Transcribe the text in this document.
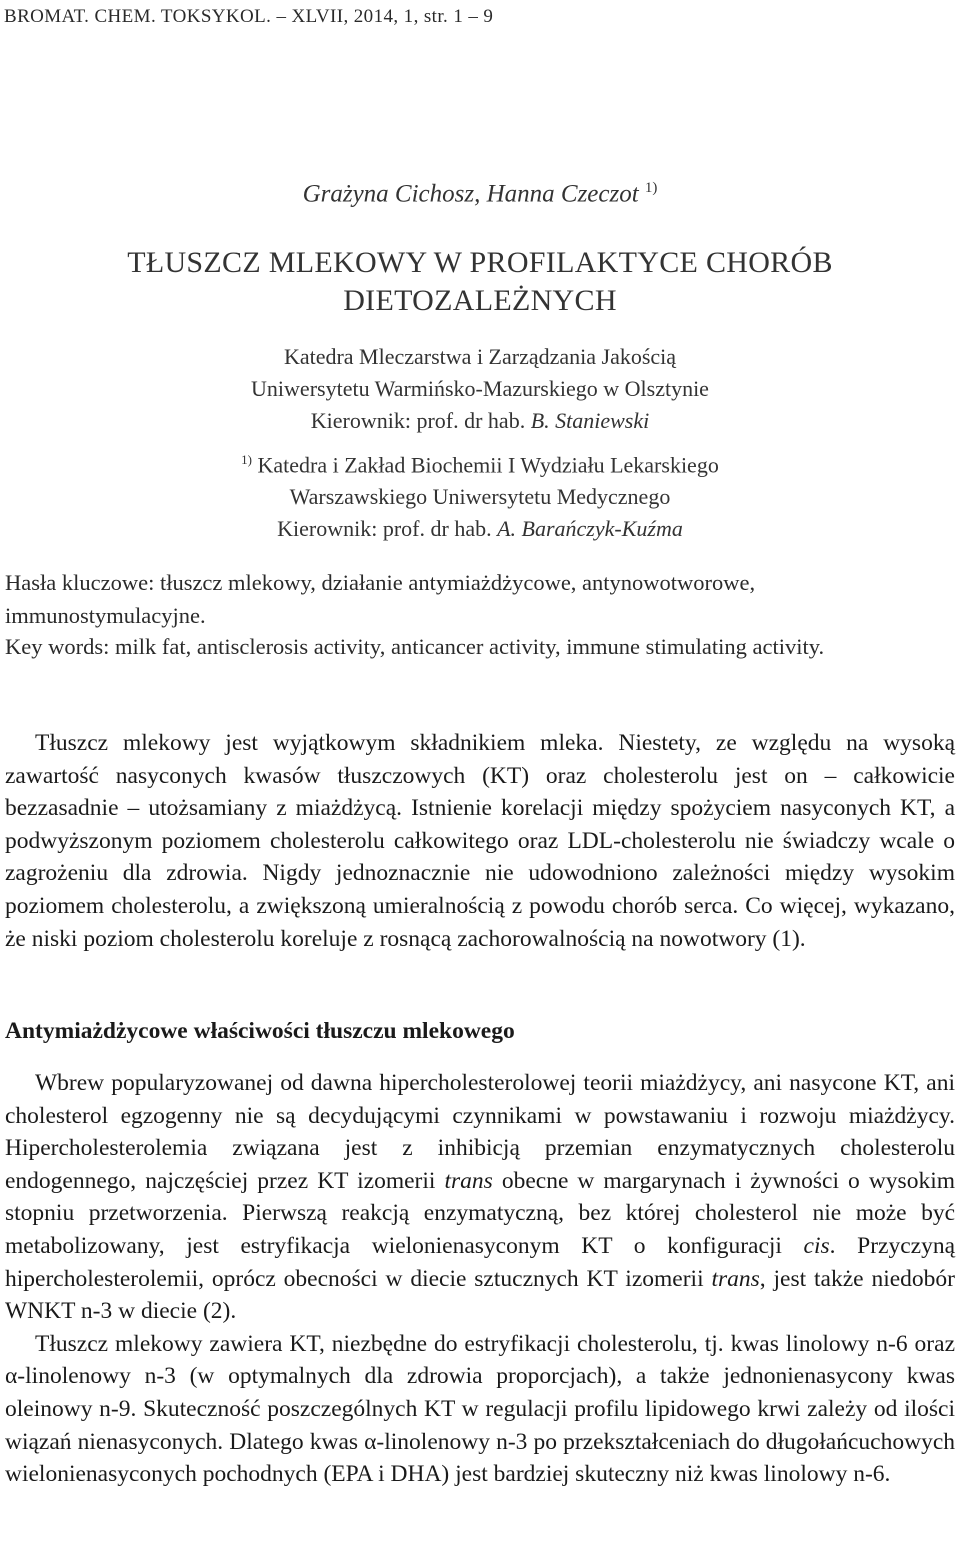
BROMAT. CHEM. TOKSYKOL. – XLVII, 2014, 1, str. 1 – 9
Grażyna Cichosz, Hanna Czeczot $^{1)}$
TŁUSZCZ MLEKOWY W PROFILAKTYCE CHORÓB
DIETOZALEŻNYCH
Katedra Mleczarstwa i Zarządzania Jakością
Uniwersytetu Warmińsko-Mazurskiego w Olsztynie
Kierownik: prof. dr hab. B. Staniewski
$^{1)}$ Katedra i Zakład Biochemii I Wydziału Lekarskiego
Warszawskiego Uniwersytetu Medycznego
Kierownik: prof. dr hab. A. Barańczyk-Kuźma
Hasła kluczowe: tłuszcz mlekowy, działanie antymiażdżycowe, antynowotworowe, immunostymulacyjne.
Key words: milk fat, antisclerosis activity, anticancer activity, immune stimulating activity.

Tłuszcz mlekowy jest wyjątkowym składnikiem mleka. Niestety, ze względu na wysoką zawartość nasyconych kwasów tłuszczowych (KT) oraz cholesterolu jest on – całkowicie bezzasadnie – utożsamiany z miażdżycą. Istnienie korelacji między spożyciem nasyconych KT, a podwyższonym poziomem cholesterolu całkowitego oraz LDL-cholesterolu nie świadczy wcale o zagrożeniu dla zdrowia. Nigdy jednoznacznie nie udowodniono zależności między wysokim poziomem cholesterolu, a zwiększoną umieralnością z powodu chorób serca. Co więcej, wykazano, że niski poziom cholesterolu koreluje z rosnącą zachorowalnością na nowotwory (1).

Antymiażdżycowe właściwości tłuszczu mlekowego

Wbrew popularyzowanej od dawna hipercholesterolowej teorii miażdżycy, ani nasycone KT, ani cholesterol egzogenny nie są decydującymi czynnikami w powstawaniu i rozwoju miażdżycy. Hipercholesterolemia związana jest z inhibicją przemian enzymatycznych cholesterolu endogennego, najczęściej przez KT izomerii trans obecne w margarynach i żywności o wysokim stopniu przetworzenia. Pierwszą reakcją enzymatyczną, bez której cholesterol nie może być metabolizowany, jest estryfikacja wielonienasyconym KT o konfiguracji cis. Przyczyną hipercholesterolemii, oprócz obecności w diecie sztucznych KT izomerii trans, jest także niedobór WNKT n-3 w diecie (2).

Tłuszcz mlekowy zawiera KT, niezbędne do estryfikacji cholesterolu, tj. kwas linolowy n-6 oraz α-linolenowy n-3 (w optymalnych dla zdrowia proporcjach), a także jednonienasycony kwas oleinowy n-9. Skuteczność poszczególnych KT w regulacji profilu lipidowego krwi zależy od ilości wiązań nienasyconych. Dlatego kwas α-linolenowy n-3 po przekształceniach do długołańcuchowych wielonienasyconych pochodnych (EPA i DHA) jest bardziej skuteczny niż kwas linolowy n-6.
